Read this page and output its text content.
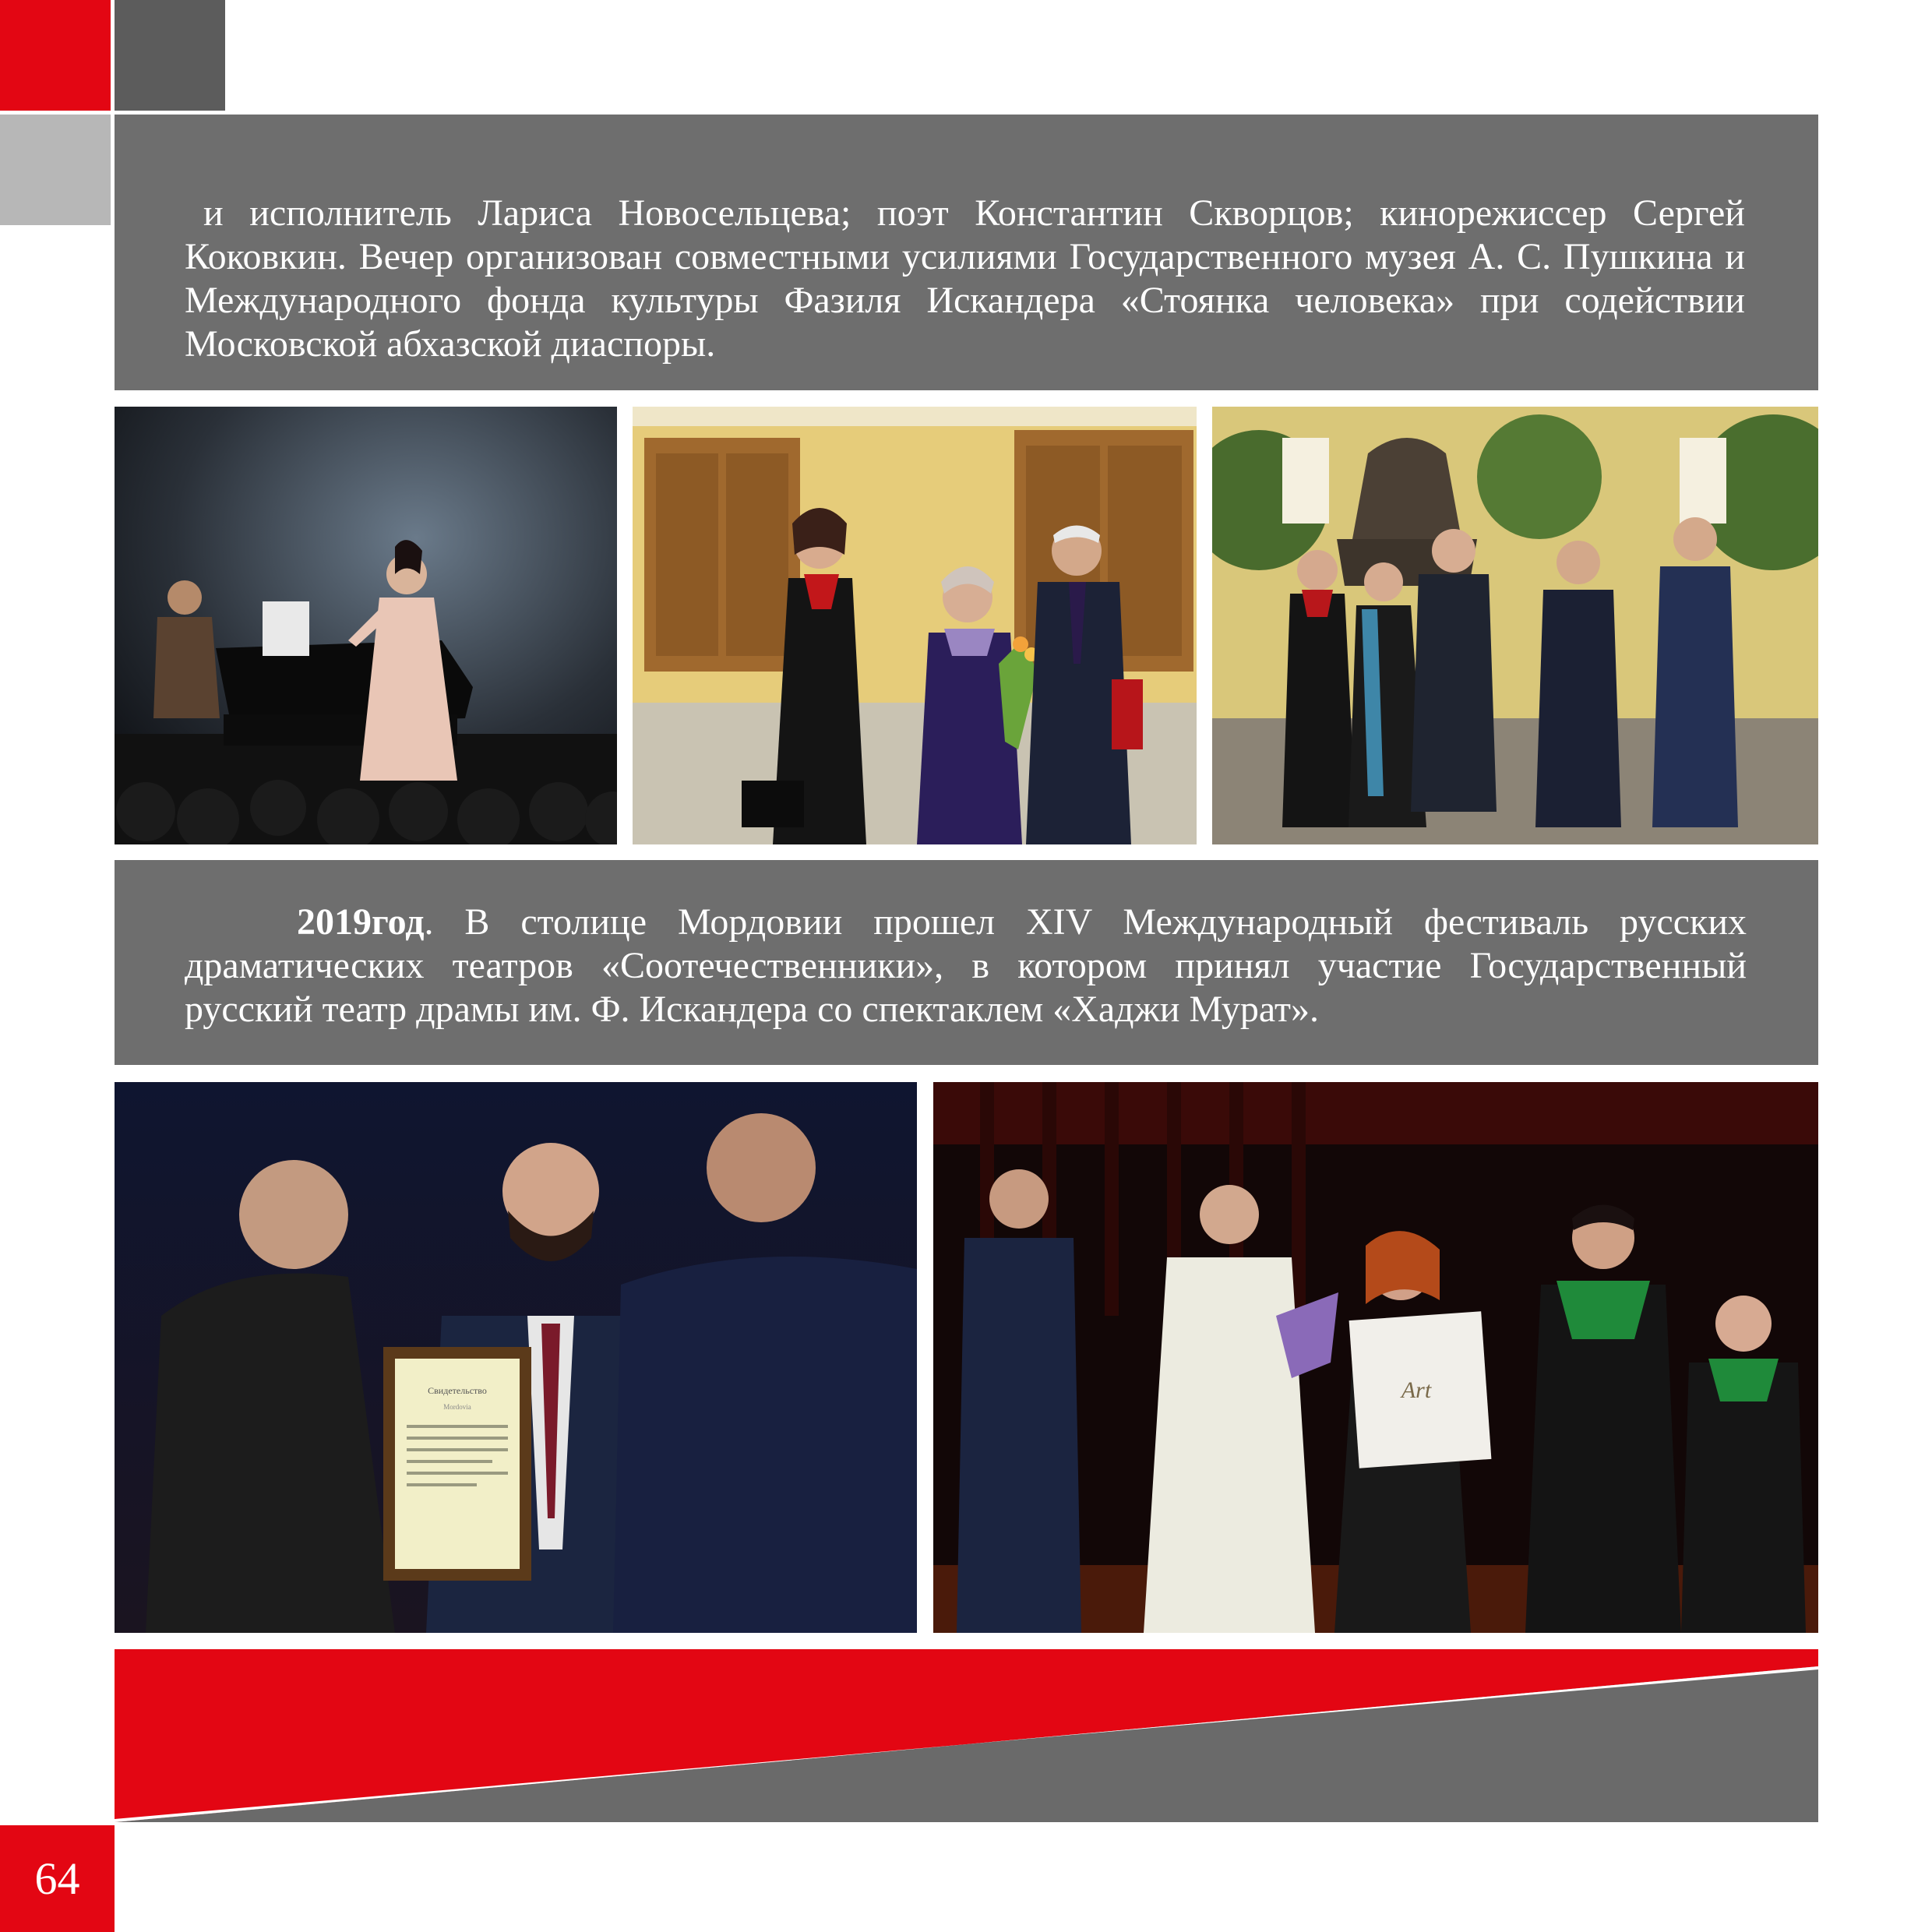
и исполнитель Лариса Новосельцева; поэт Константин Скворцов; кинорежиссер Сергей Коковкин. Вечер организован совместными усилиями Государственного музея А. С. Пушкина и Международного фонда культуры Фазиля Искандера «Стоянка человека» при содействии Московской абхазской диаспоры.
2019год. В столице Мордовии прошел XIV Международный фестиваль русских драматических театров «Соотечественники», в котором принял участие Государственный русский театр драмы им. Ф. Искандера со спектаклем «Хаджи Мурат».
Свидетельство
Mordovia
Art
64
